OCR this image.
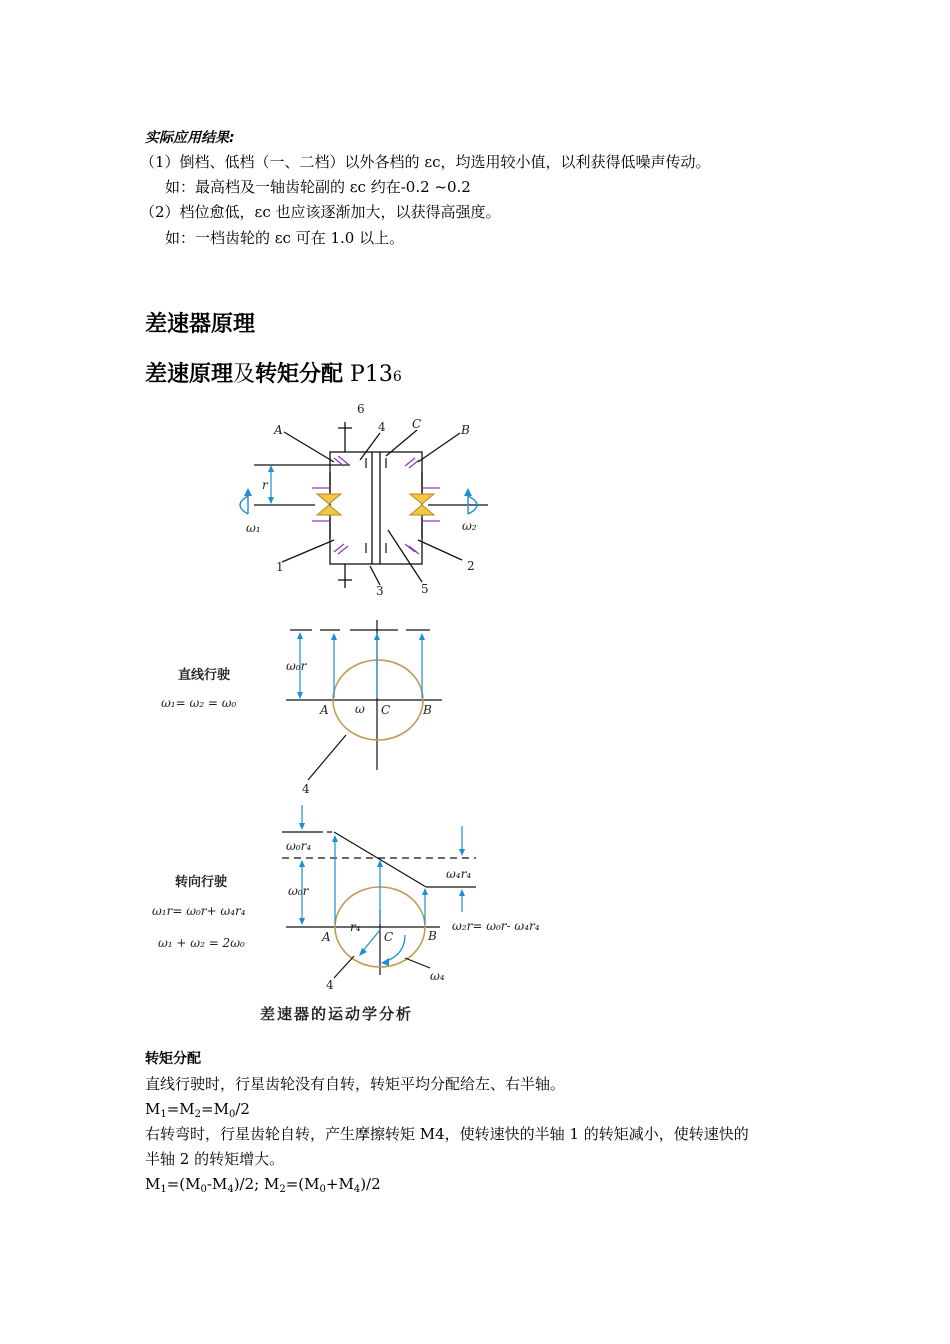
实际应用结果:
（1）倒档、低档（一、二档）以外各档的 εc，均选用较小值，以利获得低噪声传动。
如：最高档及一轴齿轮副的 εc 约在-0.2 ~0.2
（2）档位愈低，εc 也应该逐渐加大，以获得高强度。
如：一档齿轮的 εc 可在 1.0 以上。
差速器原理
差速原理及转矩分配 P136
A	B
C
6
4
r
ω₁	ω₂
1	2
3	5
ω₀r
A ω C	B
4
直线行驶
ω₁= ω₂ = ω₀
ω₀r₄
ω₀r
ω₄r₄
A
r₄
C	B
4
ω₄
转向行驶
ω₁r= ω₀r+ ω₄r₄
ω₁ + ω₂ = 2ω₀
ω₂r= ω₀r- ω₄r₄
差速器的运动学分析
转矩分配
直线行驶时，行星齿轮没有自转，转矩平均分配给左、右半轴。
$M_1=M_2=M_0/2$
右转弯时，行星齿轮自转，产生摩擦转矩 M4，使转速快的半轴 1 的转矩减小，使转速快的
半轴 2 的转矩增大。
$M_1=(M_0-M_4)/2$; $M_2=(M_0+M_4)/2$
